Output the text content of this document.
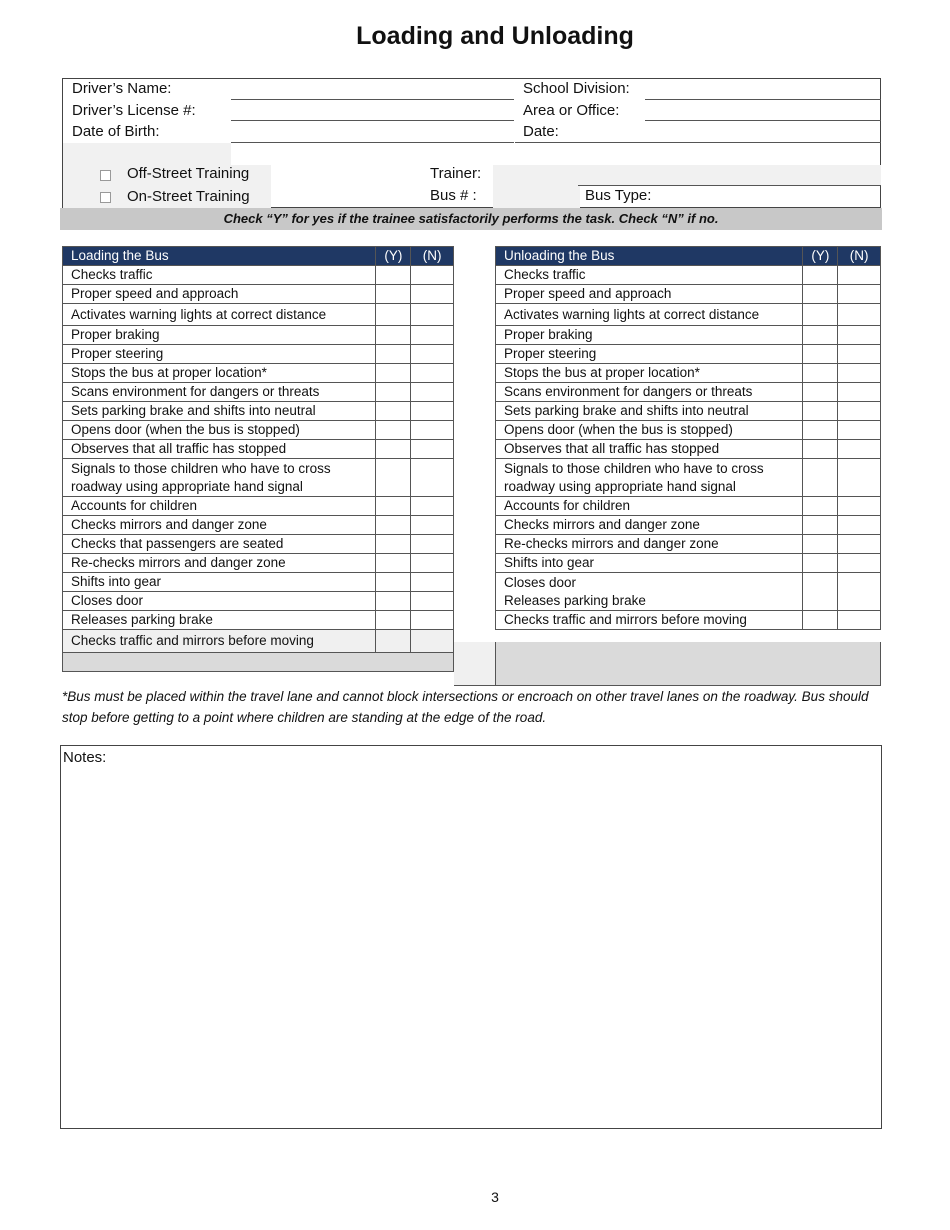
Loading and Unloading
Driver’s Name:
Driver’s License #:
Date of Birth:
School Division:
Area or Office:
Date:
Off-Street Training
On-Street Training
Trainer:
Bus # :	Bus Type:
Check “Y” for yes if the trainee satisfactorily performs the task. Check “N” if no.
Loading the Bus	(Y)	(N)
Checks traffic		
Proper speed and approach		
Activates warning lights at correct distance		
Proper braking		
Proper steering		
Stops the bus at proper location*		
Scans environment for dangers or threats		
Sets parking brake and shifts into neutral		
Opens door (when the bus is stopped)		
Observes that all traffic has stopped		
Signals to those children who have to cross
roadway using appropriate hand signal		
Accounts for children		
Checks mirrors and danger zone		
Checks that passengers are seated		
Re-checks mirrors and danger zone		
Shifts into gear		
Closes door		
Releases parking brake		
Checks traffic and mirrors before moving		

Unloading the Bus	(Y)	(N)
Checks traffic		
Proper speed and approach		
Activates warning lights at correct distance		
Proper braking		
Proper steering		
Stops the bus at proper location*		
Scans environment for dangers or threats		
Sets parking brake and shifts into neutral		
Opens door (when the bus is stopped)		
Observes that all traffic has stopped		
Signals to those children who have to cross
roadway using appropriate hand signal		
Accounts for children		
Checks mirrors and danger zone		
Re-checks mirrors and danger zone		
Shifts into gear		
Closes door
Releases parking brake		
Checks traffic and mirrors before moving		
*Bus must be placed within the travel lane and cannot block intersections or encroach on other travel lanes on the roadway. Bus should stop before getting to a point where children are standing at the edge of the road.
Notes:
3
